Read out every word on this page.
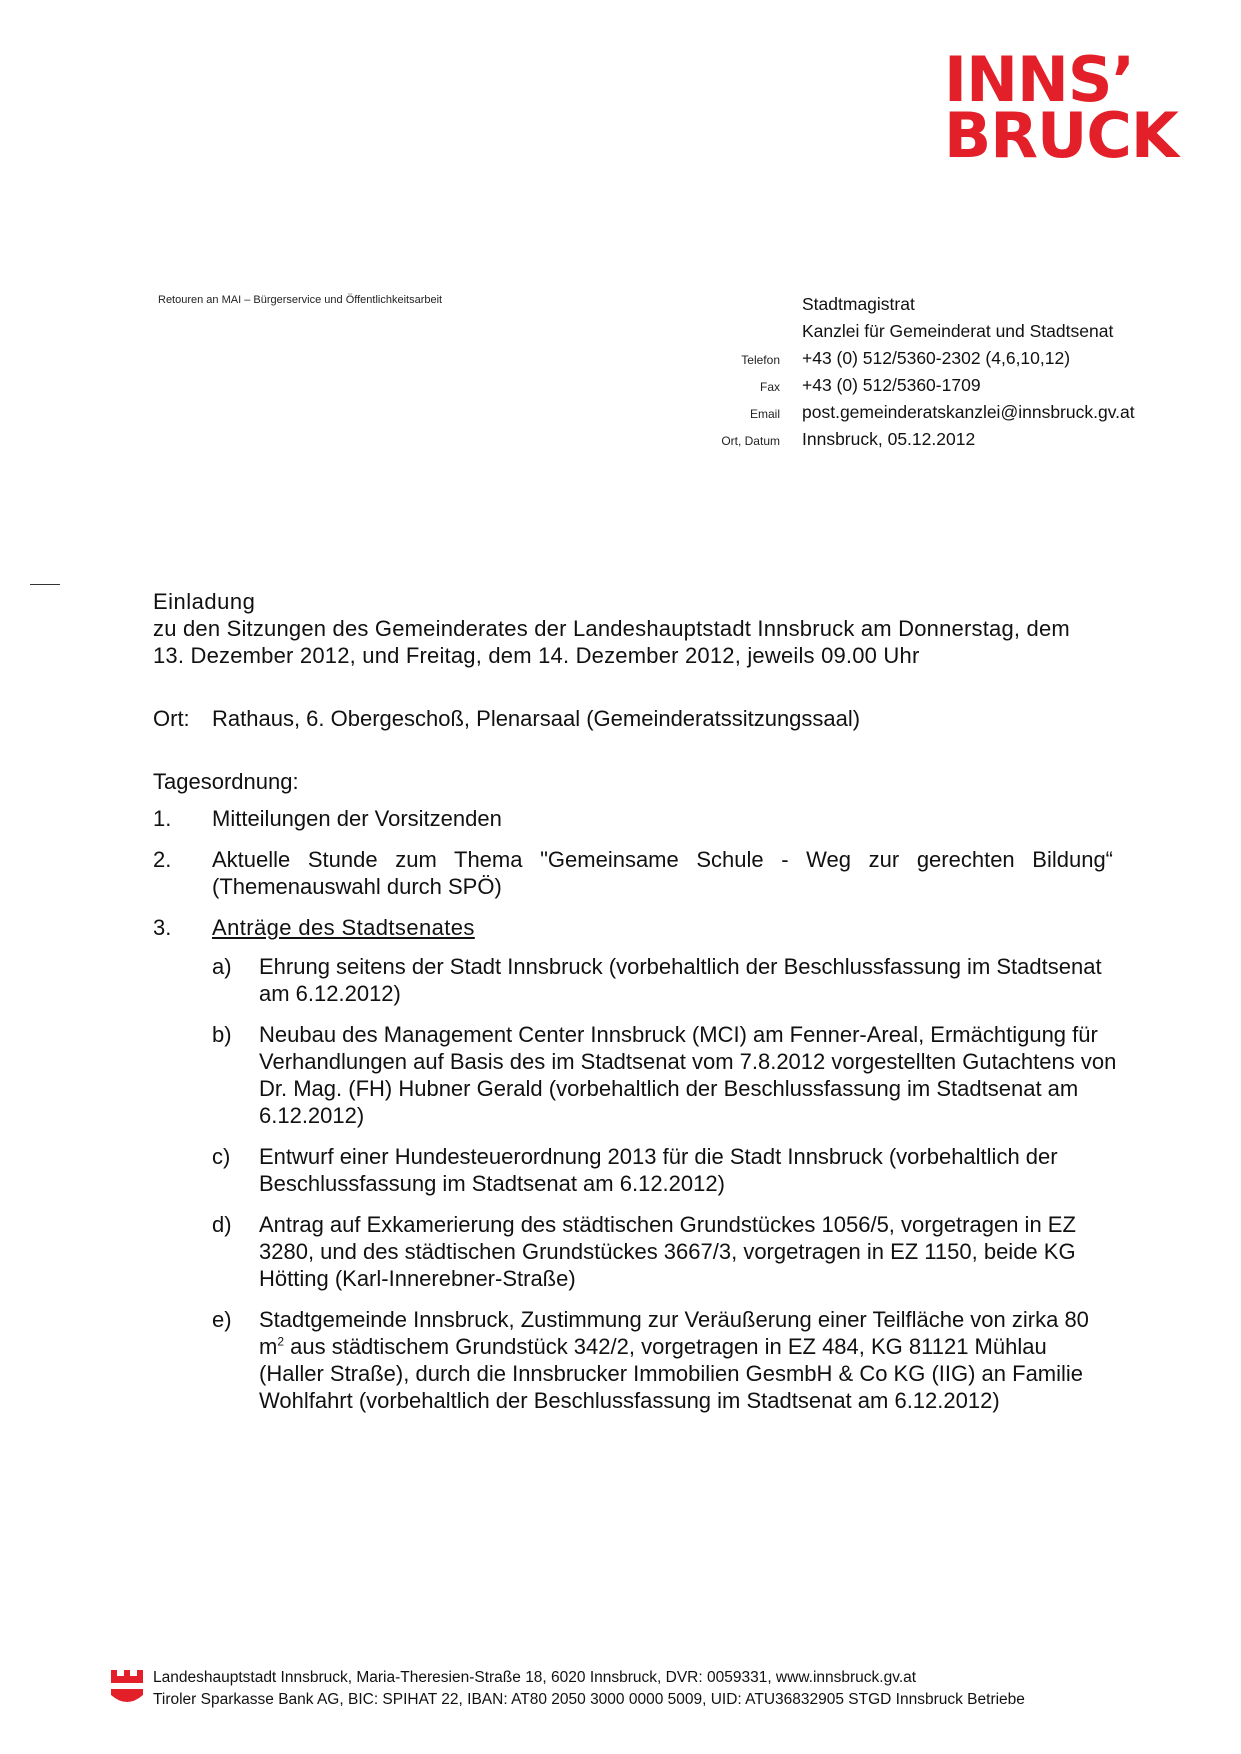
INNS’
BRUCK
Retouren an MAI – Bürgerservice und Öffentlichkeitsarbeit	Stadtmagistrat
Kanzlei für Gemeinderat und Stadtsenat
Telefon	+43 (0) 512/5360-2302 (4,6,10,12)
Fax	+43 (0) 512/5360-1709
Email	post.gemeinderatskanzlei@innsbruck.gv.at
Ort, Datum	Innsbruck, 05.12.2012
Einladung
zu den Sitzungen des Gemeinderates der Landeshauptstadt Innsbruck am Donnerstag, dem
13. Dezember 2012, und Freitag, dem 14. Dezember 2012, jeweils 09.00 Uhr
Ort:	Rathaus, 6. Obergeschoß, Plenarsaal (Gemeinderatssitzungssaal)
Tagesordnung:
1.	Mitteilungen der Vorsitzenden
2.	Aktuelle Stunde zum Thema "Gemeinsame Schule - Weg zur gerechten Bildung“ (Themenauswahl durch SPÖ)
3.	Anträge des Stadtsenates
a)	Ehrung seitens der Stadt Innsbruck (vorbehaltlich der Beschlussfassung im Stadtsenat am 6.12.2012)
b)	Neubau des Management Center Innsbruck (MCI) am Fenner-Areal, Ermächtigung für Verhandlungen auf Basis des im Stadtsenat vom 7.8.2012 vorgestellten Gutachtens von Dr. Mag. (FH) Hubner Gerald (vorbehaltlich der Beschlussfassung im Stadtsenat am 6.12.2012)
c)	Entwurf einer Hundesteuerordnung 2013 für die Stadt Innsbruck (vorbehaltlich der Beschlussfassung im Stadtsenat am 6.12.2012)
d)	Antrag auf Exkamerierung des städtischen Grundstückes 1056/5, vorgetragen in EZ 3280, und des städtischen Grundstückes 3667/3, vorgetragen in EZ 1150, beide KG Hötting (Karl-Innerebner-Straße)
e)	Stadtgemeinde Innsbruck, Zustimmung zur Veräußerung einer Teilfläche von zirka 80 $m^2$ aus städtischem Grundstück 342/2, vorgetragen in EZ 484, KG 81121 Mühlau (Haller Straße), durch die Innsbrucker Immobilien GesmbH & Co KG (IIG) an Familie Wohlfahrt (vorbehaltlich der Beschlussfassung im Stadtsenat am 6.12.2012)
Landeshauptstadt Innsbruck, Maria-Theresien-Straße 18, 6020 Innsbruck, DVR: 0059331, www.innsbruck.gv.at
Tiroler Sparkasse Bank AG, BIC: SPIHAT 22, IBAN: AT80 2050 3000 0000 5009, UID: ATU36832905 STGD Innsbruck Betriebe
